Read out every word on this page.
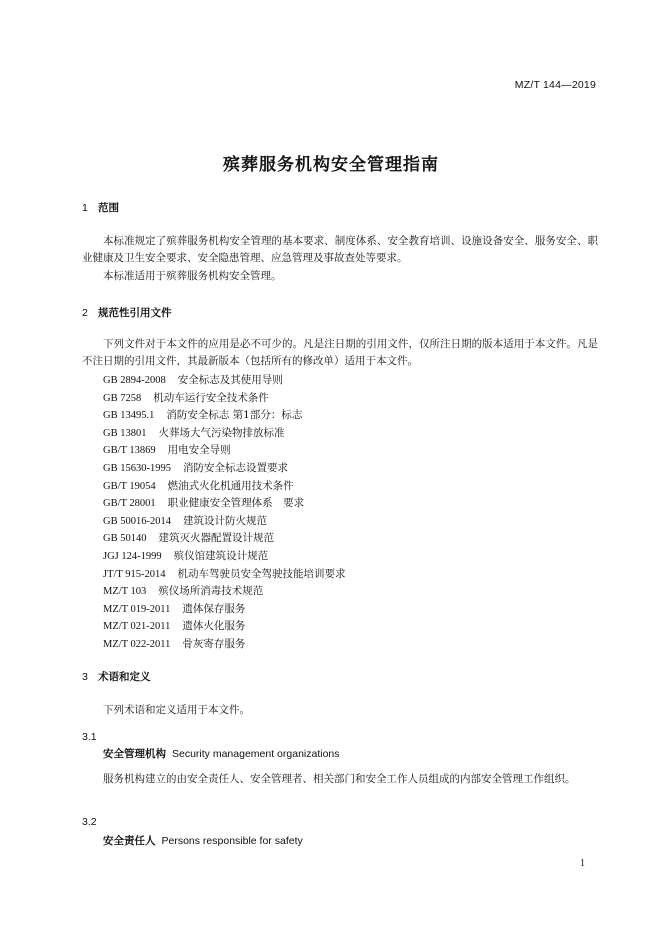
MZ/T 144—2019
殡葬服务机构安全管理指南
1 范围
本标准规定了殡葬服务机构安全管理的基本要求、制度体系、安全教育培训、设施设备安全、服务安全、职业健康及卫生安全要求、安全隐患管理、应急管理及事故查处等要求。
本标准适用于殡葬服务机构安全管理。
2 规范性引用文件
下列文件对于本文件的应用是必不可少的。凡是注日期的引用文件，仅所注日期的版本适用于本文件。凡是不注日期的引用文件，其最新版本（包括所有的修改单）适用于本文件。
GB 2894-2008 安全标志及其使用导则
GB 7258 机动车运行安全技术条件
GB 13495.1 消防安全标志 第1部分：标志
GB 13801 火葬场大气污染物排放标准
GB/T 13869 用电安全导则
GB 15630-1995 消防安全标志设置要求
GB/T 19054 燃油式火化机通用技术条件
GB/T 28001 职业健康安全管理体系　要求
GB 50016-2014 建筑设计防火规范
GB 50140 建筑灭火器配置设计规范
JGJ 124-1999 殡仪馆建筑设计规范
JT/T 915-2014 机动车驾驶员安全驾驶技能培训要求
MZ/T 103 殡仪场所消毒技术规范
MZ/T 019-2011 遗体保存服务
MZ/T 021-2011 遗体火化服务
MZ/T 022-2011 骨灰寄存服务
3 术语和定义
下列术语和定义适用于本文件。
3.1
安全管理机构 Security management organizations
服务机构建立的由安全责任人、安全管理者、相关部门和安全工作人员组成的内部安全管理工作组织。
3.2
安全责任人 Persons responsible for safety
1
